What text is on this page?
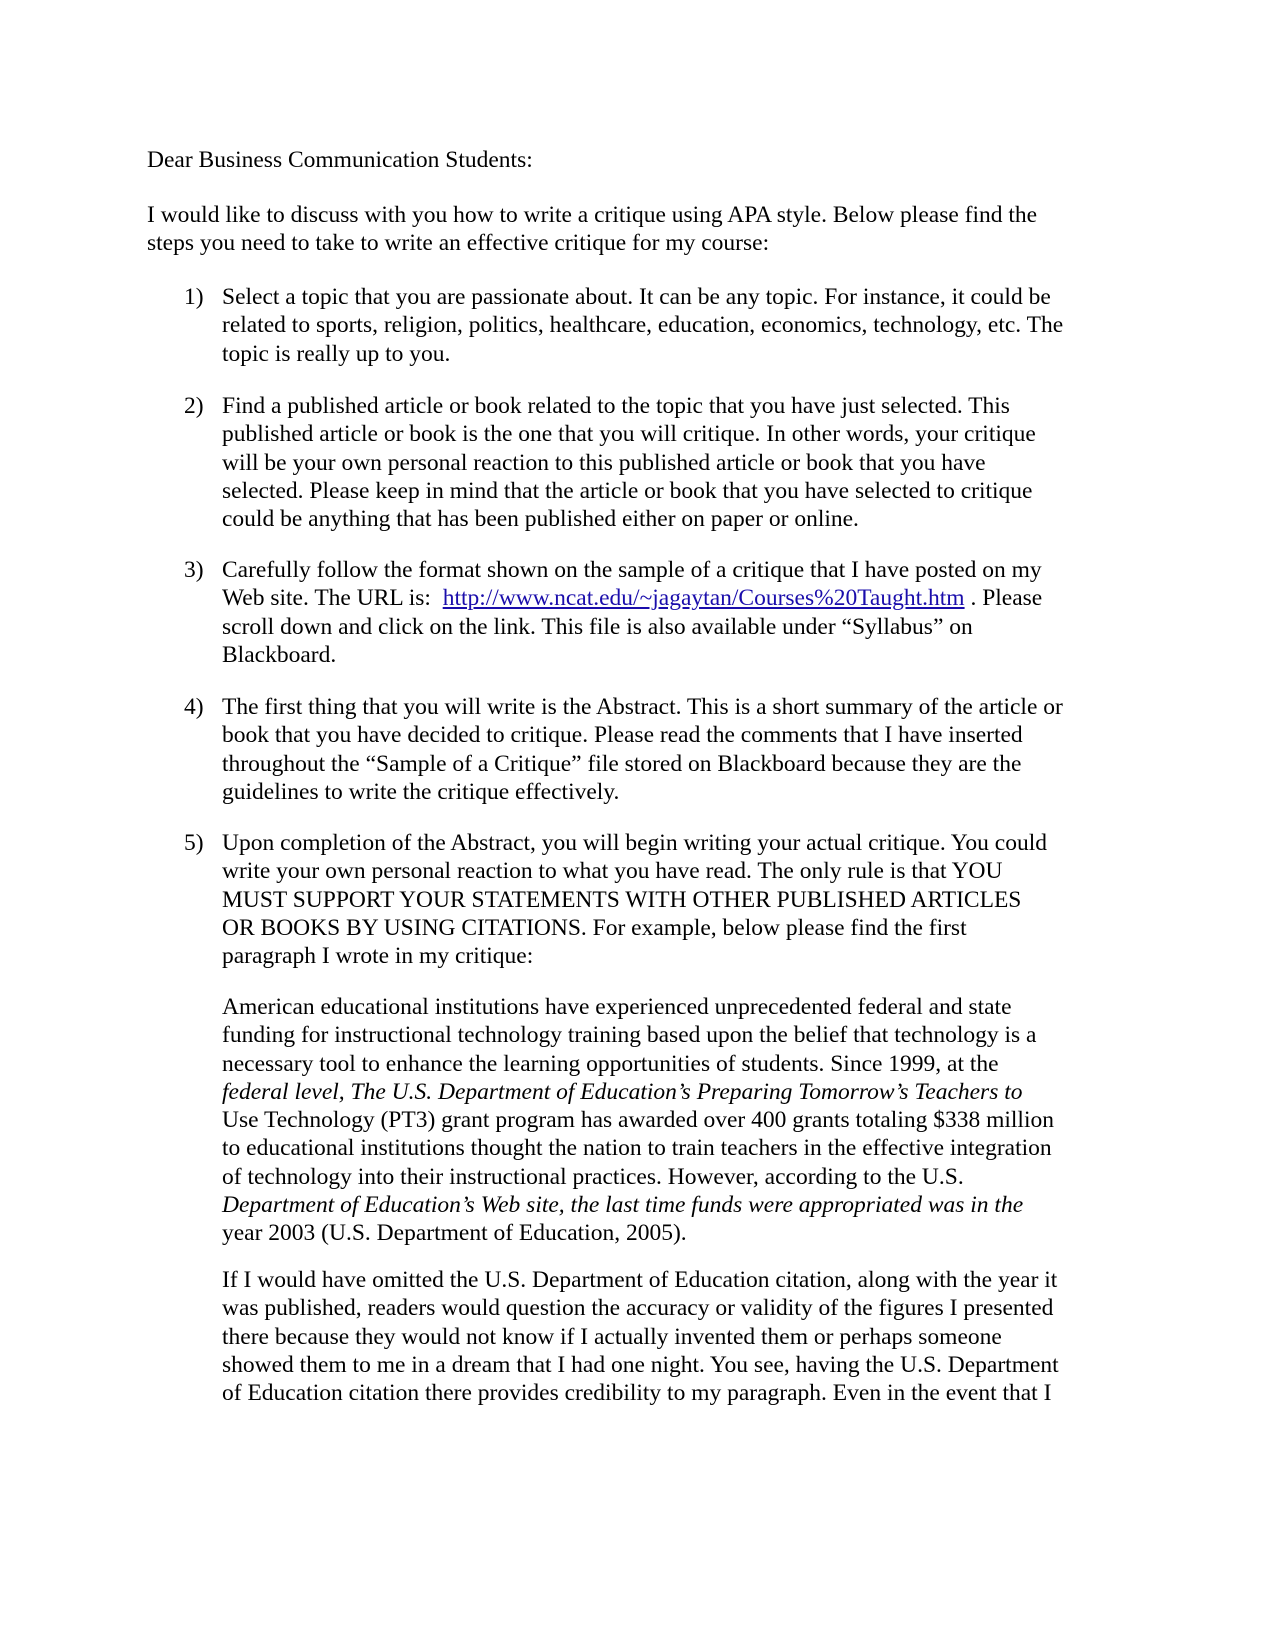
Dear Business Communication Students:

I would like to discuss with you how to write a critique using APA style. Below please find the
steps you need to take to write an effective critique for my course:
1) Select a topic that you are passionate about. It can be any topic. For instance, it could be
related to sports, religion, politics, healthcare, education, economics, technology, etc. The
topic is really up to you.
2) Find a published article or book related to the topic that you have just selected. This
published article or book is the one that you will critique. In other words, your critique
will be your own personal reaction to this published article or book that you have
selected. Please keep in mind that the article or book that you have selected to critique
could be anything that has been published either on paper or online.
3) Carefully follow the format shown on the sample of a critique that I have posted on my
Web site. The URL is: http://www.ncat.edu/~jagaytan/Courses%20Taught.htm . Please
scroll down and click on the link. This file is also available under “Syllabus” on
Blackboard.
4) The first thing that you will write is the Abstract. This is a short summary of the article or
book that you have decided to critique. Please read the comments that I have inserted
throughout the “Sample of a Critique” file stored on Blackboard because they are the
guidelines to write the critique effectively.
5) Upon completion of the Abstract, you will begin writing your actual critique. You could
write your own personal reaction to what you have read. The only rule is that YOU
MUST SUPPORT YOUR STATEMENTS WITH OTHER PUBLISHED ARTICLES
OR BOOKS BY USING CITATIONS. For example, below please find the first
paragraph I wrote in my critique:
American educational institutions have experienced unprecedented federal and state
funding for instructional technology training based upon the belief that technology is a
necessary tool to enhance the learning opportunities of students. Since 1999, at the
federal level, The U.S. Department of Education’s Preparing Tomorrow’s Teachers to
Use Technology (PT3) grant program has awarded over 400 grants totaling $338 million
to educational institutions thought the nation to train teachers in the effective integration
of technology into their instructional practices. However, according to the U.S.
Department of Education’s Web site, the last time funds were appropriated was in the
year 2003 (U.S. Department of Education, 2005).
If I would have omitted the U.S. Department of Education citation, along with the year it
was published, readers would question the accuracy or validity of the figures I presented
there because they would not know if I actually invented them or perhaps someone
showed them to me in a dream that I had one night. You see, having the U.S. Department
of Education citation there provides credibility to my paragraph. Even in the event that I
